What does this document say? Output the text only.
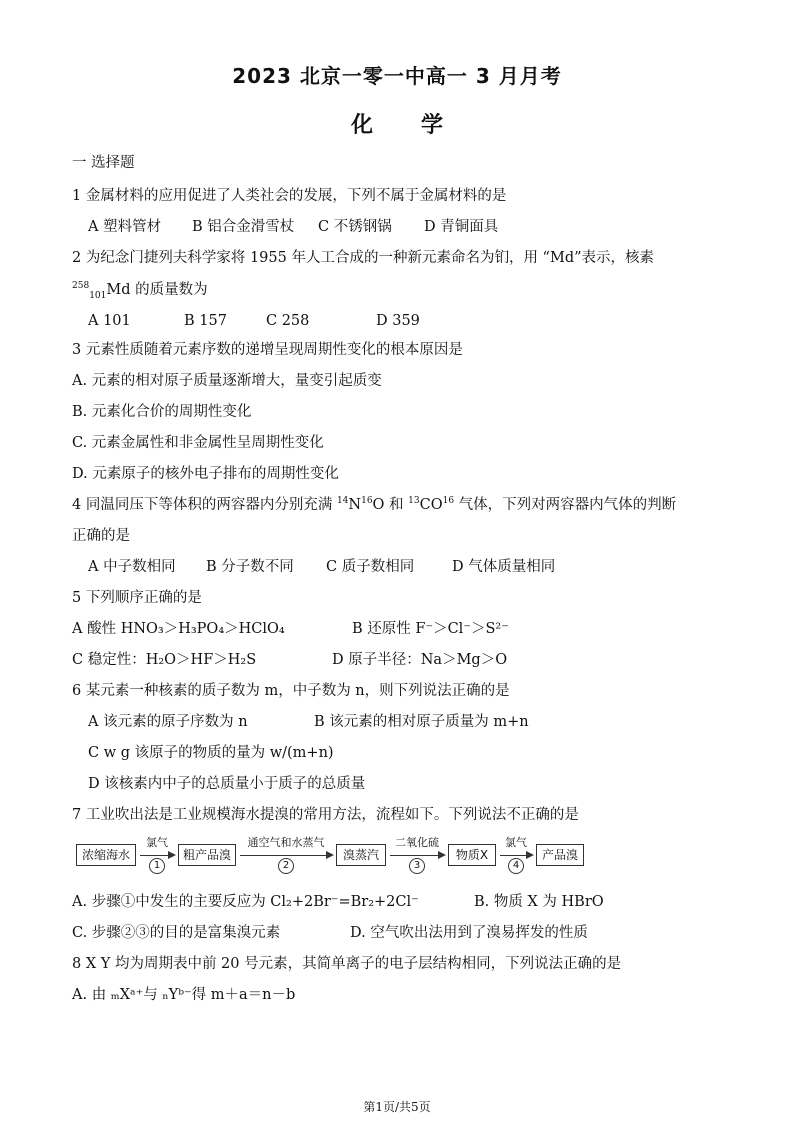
2023 北京一零一中高一 3 月月考
化学
一 选择题
1 金属材料的应用促进了人类社会的发展，下列不属于金属材料的是
A 塑料管材 B 铝合金滑雪杖 C 不锈钢锅 D 青铜面具
2 为纪念门捷列夫科学家将 1955 年人工合成的一种新元素命名为钔，用 “Md”表示，核素
$^{258}_{101}$Md 的质量数为
A 101	B 157	C 258	D 359
3 元素性质随着元素序数的递增呈现周期性变化的根本原因是
A. 元素的相对原子质量逐渐增大，量变引起质变
B. 元素化合价的周期性变化
C. 元素金属性和非金属性呈周期性变化
D. 元素原子的核外电子排布的周期性变化
4 同温同压下等体积的两容器内分别充满 $^{14}N^{16}O$ 和 $^{13}$CO$^{16}$ 气体，下列对两容器内气体的判断
正确的是
A 中子数相同 B 分子数不同 C 质子数相同	D 气体质量相同
5 下列顺序正确的是
A 酸性 HNO₃＞H₃PO₄＞HClO₄	B 还原性 F⁻＞Cl⁻＞S²⁻
C 稳定性：H₂O＞HF＞H₂S	D 原子半径：Na＞Mg＞O
6 某元素一种核素的质子数为 m，中子数为 n，则下列说法正确的是
A 该元素的原子序数为 n	B 该元素的相对原子质量为 m+n
C w g 该原子的物质的量为 w/(m+n)
D 该核素内中子的总质量小于质子的总质量
7 工业吹出法是工业规模海水提溴的常用方法，流程如下。下列说法不正确的是
浓缩海水
氯气
1
粗产品溴
通空气和水蒸气
2
溴蒸汽
二氧化硫
3
物质X
氯气
4
产品溴
A. 步骤①中发生的主要反应为 Cl₂+2Br⁻=Br₂+2Cl⁻	B. 物质 X 为 HBrO
C. 步骤②③的目的是富集溴元素	D. 空气吹出法用到了溴易挥发的性质
8 X Y 均为周期表中前 20 号元素，其简单离子的电子层结构相同，下列说法正确的是
A. 由 ₘXᵃ⁺与 ₙYᵇ⁻得 m＋a＝n－b
第1页/共5页
